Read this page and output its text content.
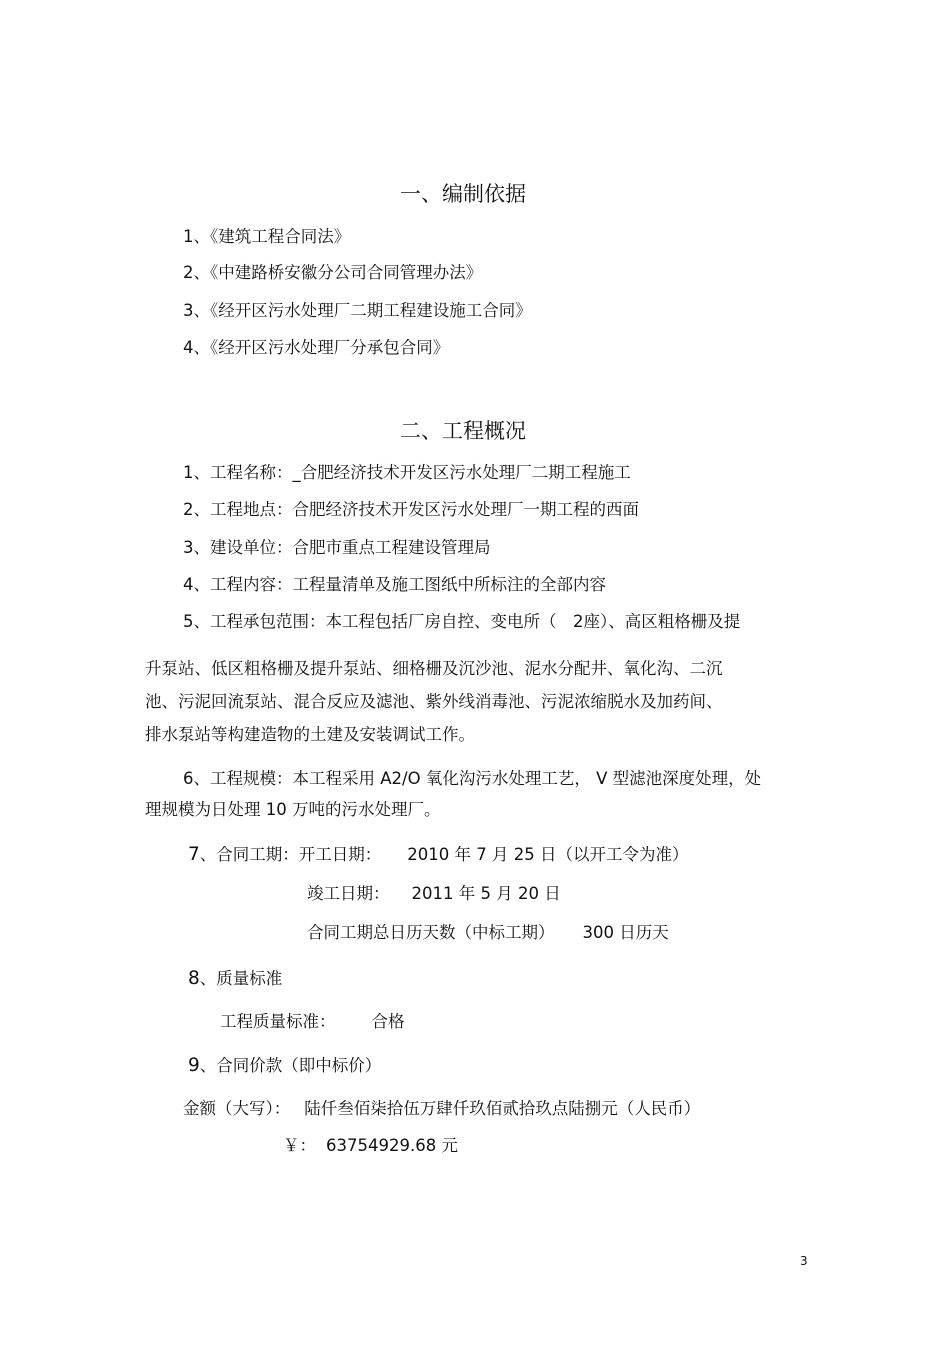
一、编制依据
1、《建筑工程合同法》
2、《中建路桥安徽分公司合同管理办法》
3、《经开区污水处理厂二期工程建设施工合同》
4、《经开区污水处理厂分承包合同》
二、工程概况
1、工程名称：_合肥经济技术开发区污水处理厂二期工程施工
2、工程地点：合肥经济技术开发区污水处理厂一期工程的西面
3、建设单位：合肥市重点工程建设管理局
4、工程内容：工程量清单及施工图纸中所标注的全部内容
5、工程承包范围：本工程包括厂房自控、变电所（　2座）、高区粗格栅及提
升泵站、低区粗格栅及提升泵站、细格栅及沉沙池、泥水分配井、氧化沟、二沉
池、污泥回流泵站、混合反应及滤池、紫外线消毒池、污泥浓缩脱水及加药间、
排水泵站等构建造物的土建及安装调试工作。
6、工程规模：本工程采用 A2/O 氧化沟污水处理工艺， V 型滤池深度处理，处
理规模为日处理 10 万吨的污水处理厂。
7、合同工期：开工日期： 2010 年 7 月 25 日（以开工令为准）
竣工日期： 2011 年 5 月 20 日
合同工期总日历天数（中标工期） 300 日历天
8、质量标准
工程质量标准： 合格
9、合同价款（即中标价）
金额（大写）： 陆仟叁佰柒拾伍万肆仟玖佰贰拾玖点陆捌元（人民币）
￥： 63754929.68 元
3
